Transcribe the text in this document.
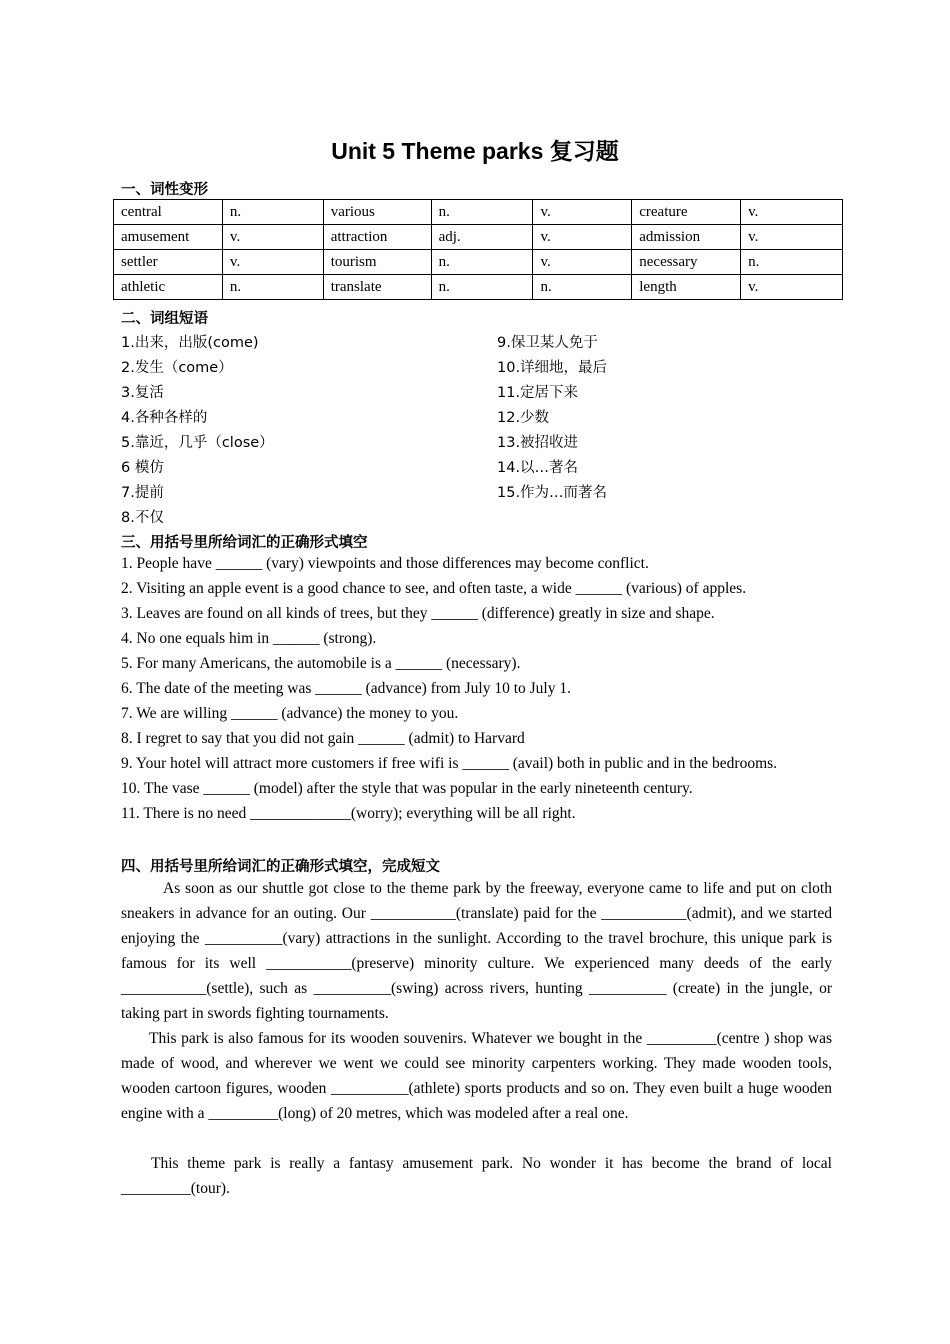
Unit 5 Theme parks 复习题
一、词性变形
central	n.	various	n.	v.	creature	v.
amusement	v.	attraction	adj.	v.	admission	v.
settler	v.	tourism	n.	v.	necessary	n.
athletic	n.	translate	n.	n.	length	v.
二、词组短语
1.出来，出版(come)
2.发生（come）
3.复活
4.各种各样的
5.靠近，几乎（close）
6 模仿
7.提前
8.不仅
9.保卫某人免于
10.详细地，最后
11.定居下来
12.少数
13.被招收进
14.以…著名
15.作为…而著名
三、用括号里所给词汇的正确形式填空
1. People have ______ (vary) viewpoints and those differences may become conflict.
2. Visiting an apple event is a good chance to see, and often taste, a wide ______ (various) of apples.
3. Leaves are found on all kinds of trees, but they ______ (difference) greatly in size and shape.
4. No one equals him in ______ (strong).
5. For many Americans, the automobile is a ______ (necessary).
6. The date of the meeting was ______ (advance) from July 10 to July 1.
7. We are willing ______ (advance) the money to you.
8. I regret to say that you did not gain ______ (admit) to Harvard
9. Your hotel will attract more customers if free wifi is ______ (avail) both in public and in the bedrooms.
10. The vase ______ (model) after the style that was popular in the early nineteenth century.
11. There is no need _____________(worry); everything will be all right.
四、用括号里所给词汇的正确形式填空，完成短文

As soon as our shuttle got close to the theme park by the freeway, everyone came to life and put on cloth sneakers in advance for an outing. Our ___________(translate) paid for the ___________(admit), and we started enjoying the __________(vary) attractions in the sunlight. According to the travel brochure, this unique park is famous for its well ___________(preserve) minority culture. We experienced many deeds of the early ___________(settle), such as __________(swing) across rivers, hunting __________ (create) in the jungle, or taking part in swords fighting tournaments.

This park is also famous for its wooden souvenirs. Whatever we bought in the _________(centre ) shop was made of wood, and wherever we went we could see minority carpenters working. They made wooden tools, wooden cartoon figures, wooden __________(athlete) sports products and so on. They even built a huge wooden engine with a _________(long) of 20 metres, which was modeled after a real one.

This theme park is really a fantasy amusement park. No wonder it has become the brand of local _________(tour).
